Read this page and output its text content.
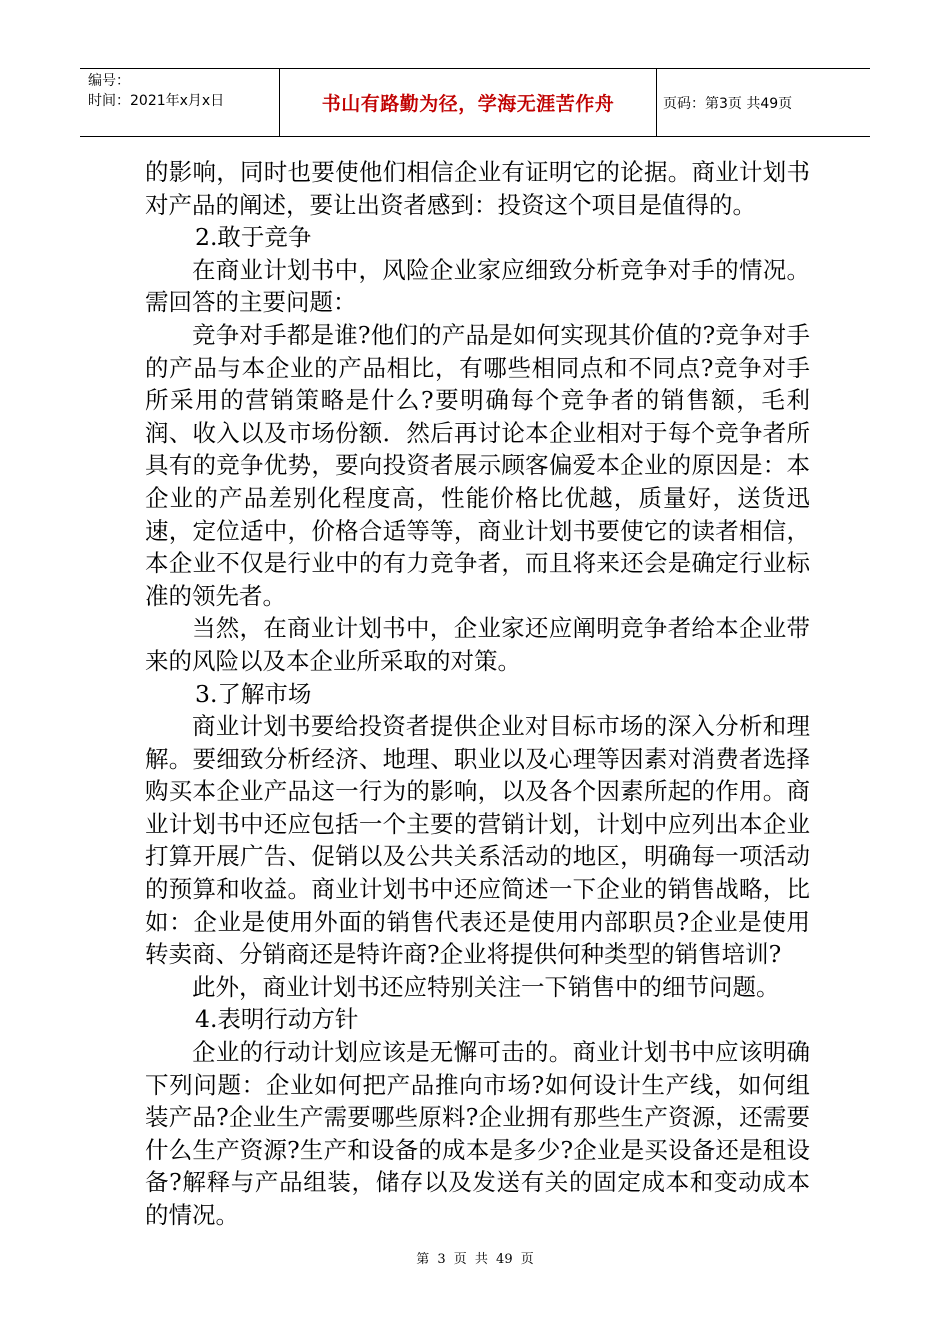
编号：
时间：2021年x月x日	书山有路勤为径，学海无涯苦作舟	页码：第3页 共49页

的影响，同时也要使他们相信企业有证明它的论据。商业计划书对产品的阐述，要让出资者感到：投资这个项目是值得的。

2.敢于竞争

在商业计划书中，风险企业家应细致分析竞争对手的情况。需回答的主要问题：

竞争对手都是谁?他们的产品是如何实现其价值的?竞争对手的产品与本企业的产品相比，有哪些相同点和不同点?竞争对手所采用的营销策略是什么?要明确每个竞争者的销售额，毛利润、收入以及市场份额．然后再讨论本企业相对于每个竞争者所具有的竞争优势，要向投资者展示顾客偏爱本企业的原因是：本企业的产品差别化程度高，性能价格比优越，质量好，送货迅速，定位适中，价格合适等等，商业计划书要使它的读者相信，本企业不仅是行业中的有力竞争者，而且将来还会是确定行业标准的领先者。

当然，在商业计划书中，企业家还应阐明竞争者给本企业带来的风险以及本企业所采取的对策。

3.了解市场

商业计划书要给投资者提供企业对目标市场的深入分析和理解。要细致分析经济、地理、职业以及心理等因素对消费者选择购买本企业产品这一行为的影响，以及各个因素所起的作用。商业计划书中还应包括一个主要的营销计划，计划中应列出本企业打算开展广告、促销以及公共关系活动的地区，明确每一项活动的预算和收益。商业计划书中还应简述一下企业的销售战略，比如：企业是使用外面的销售代表还是使用内部职员?企业是使用转卖商、分销商还是特许商?企业将提供何种类型的销售培训?

此外，商业计划书还应特别关注一下销售中的细节问题。

4.表明行动方针

企业的行动计划应该是无懈可击的。商业计划书中应该明确下列问题：企业如何把产品推向市场?如何设计生产线，如何组装产品?企业生产需要哪些原料?企业拥有那些生产资源，还需要什么生产资源?生产和设备的成本是多少?企业是买设备还是租设备?解释与产品组装，储存以及发送有关的固定成本和变动成本的情况。

第 3 页 共 49 页
